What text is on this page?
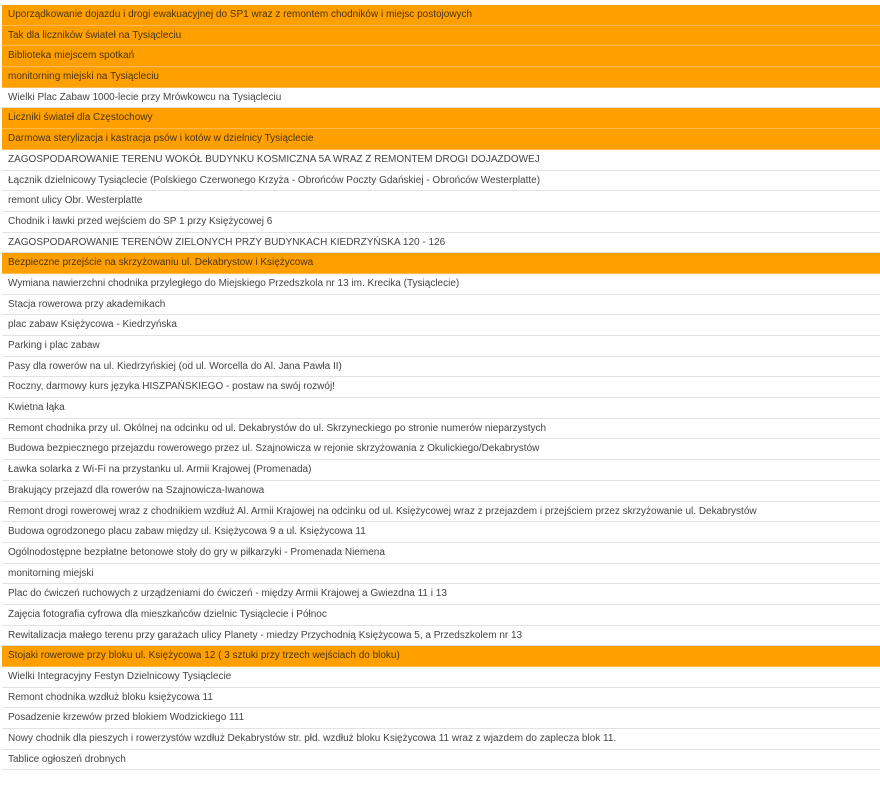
Uporządkowanie dojazdu i drogi ewakuacyjnej do SP1 wraz z remontem chodników i miejsc postojowych
Tak dla liczników świateł na Tysiącleciu
Biblioteka miejscem spotkań
monitorning miejski na Tysiącleciu
Wielki Plac Zabaw 1000-lecie przy Mrówkowcu na Tysiącleciu
Liczniki świateł dla Częstochowy
Darmowa sterylizacja i kastracja psów i kotów w dzielnicy Tysiąclecie
ZAGOSPODAROWANIE TERENU WOKÓŁ BUDYNKU KOSMICZNA 5A WRAZ Z REMONTEM DROGI DOJAZDOWEJ
Łącznik dzielnicowy Tysiąclecie (Polskiego Czerwonego Krzyża - Obrońców Poczty Gdańskiej - Obrońców Westerplatte)
remont ulicy Obr. Westerplatte
Chodnik i ławki przed wejściem do SP 1 przy Księżycowej 6
ZAGOSPODAROWANIE TERENÓW ZIELONYCH PRZY BUDYNKACH KIEDRZYŃSKA 120 - 126
Bezpieczne przejście na skrzyżowaniu ul. Dekabrystow i Księżycowa
Wymiana nawierzchni chodnika przyległego do Miejskiego Przedszkola nr 13 im. Krecika (Tysiąclecie)
Stacja rowerowa przy akademikach
plac zabaw Księżycowa - Kiedrzyńska
Parking i plac zabaw
Pasy dla rowerów na ul. Kiedrzyńskiej (od ul. Worcella do Al. Jana Pawła II)
Roczny, darmowy kurs języka HISZPAŃSKIEGO - postaw na swój rozwój!
Kwietna łąka
Remont chodnika przy ul. Okólnej na odcinku od ul. Dekabrystów do ul. Skrzyneckiego po stronie numerów nieparzystych
Budowa bezpiecznego przejazdu rowerowego przez ul. Szajnowicza w rejonie skrzyżowania z Okulickiego/Dekabrystów
Ławka solarka z Wi-Fi na przystanku ul. Armii Krajowej (Promenada)
Brakujący przejazd dla rowerów na Szajnowicza-Iwanowa
Remont drogi rowerowej wraz z chodnikiem wzdłuż Al. Armii Krajowej na odcinku od ul. Księżycowej wraz z przejazdem i przejściem przez skrzyżowanie ul. Dekabrystów
Budowa ogrodzonego placu zabaw między ul. Księżycowa 9 a ul. Księżycowa 11
Ogólnodostępne bezpłatne betonowe stoły do gry w piłkarzyki - Promenada Niemena
monitorning miejski
Plac do ćwiczeń ruchowych z urządzeniami do ćwiczeń - między Armii Krajowej a Gwiezdna 11 i 13
Zajęcia fotografia cyfrowa dla mieszkańców dzielnic Tysiąclecie i Północ
Rewitalizacja małego terenu przy garażach ulicy Planety - miedzy Przychodnią Księżycowa 5, a Przedszkolem nr 13
Stojaki rowerowe przy bloku ul. Księżycowa 12 ( 3 sztuki przy trzech wejściach do bloku)
Wielki Integracyjny Festyn Dzielnicowy Tysiąclecie
Remont chodnika wzdłuż bloku księżycowa 11
Posadzenie krzewów przed blokiem Wodzickiego 111
Nowy chodnik dla pieszych i rowerzystów wzdłuż Dekabrystów str. płd. wzdłuż bloku Księżycowa 11 wraz z wjazdem do zaplecza blok 11.
Tablice ogłoszeń drobnych
